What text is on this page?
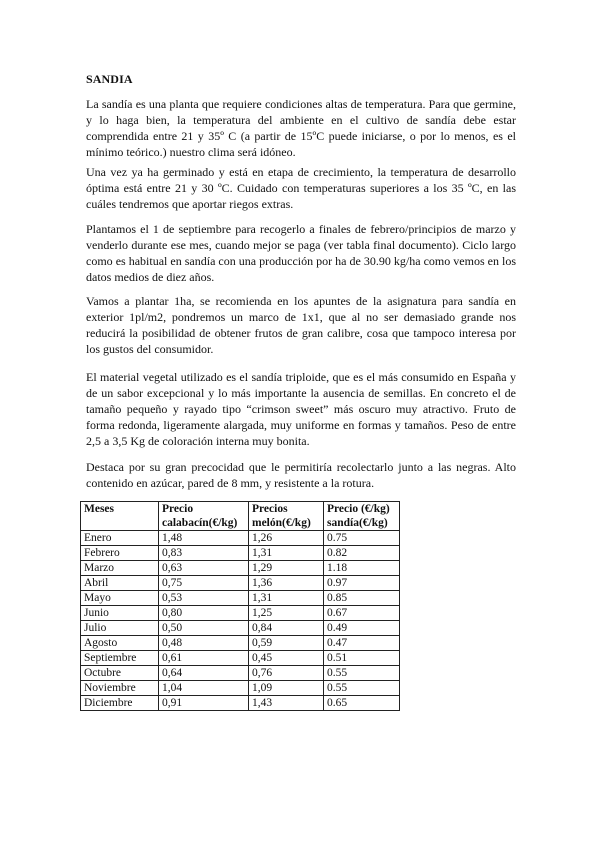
SANDIA

La sandía es una planta que requiere condiciones altas de temperatura. Para que germine, y lo haga bien, la temperatura del ambiente en el cultivo de sandía debe estar comprendida entre 21 y 35º C (a partir de 15ºC puede iniciarse, o por lo menos, es el mínimo teórico.) nuestro clima será idóneo.

Una vez ya ha germinado y está en etapa de crecimiento, la temperatura de desarrollo óptima está entre 21 y 30 ºC. Cuidado con temperaturas superiores a los 35 ºC, en las cuáles tendremos que aportar riegos extras.

Plantamos el 1 de septiembre para recogerlo a finales de febrero/principios de marzo y venderlo durante ese mes, cuando mejor se paga (ver tabla final documento). Ciclo largo como es habitual en sandía con una producción por ha de 30.90 kg/ha como vemos en los datos medios de diez años.

Vamos a plantar 1ha, se recomienda en los apuntes de la asignatura para sandía en exterior 1pl/m2, pondremos un marco de 1x1, que al no ser demasiado grande nos reducirá la posibilidad de obtener frutos de gran calibre, cosa que tampoco interesa por los gustos del consumidor.

El material vegetal utilizado es el sandía triploide, que es el más consumido en España y de un sabor excepcional y lo más importante la ausencia de semillas. En concreto el de tamaño pequeño y rayado tipo “crimson sweet” más oscuro muy atractivo. Fruto de forma redonda, ligeramente alargada, muy uniforme en formas y tamaños. Peso de entre 2,5 a 3,5 Kg de coloración interna muy bonita.

Destaca por su gran precocidad que le permitiría recolectarlo junto a las negras. Alto contenido en azúcar, pared de 8 mm, y resistente a la rotura.

Meses	Precio calabacín(€/kg)	Precios melón(€/kg)	Precio (€/kg) sandía(€/kg)
Enero	1,48	1,26	0.75
Febrero	0,83	1,31	0.82
Marzo	0,63	1,29	1.18
Abril	0,75	1,36	0.97
Mayo	0,53	1,31	0.85
Junio	0,80	1,25	0.67
Julio	0,50	0,84	0.49
Agosto	0,48	0,59	0.47
Septiembre	0,61	0,45	0.51
Octubre	0,64	0,76	0.55
Noviembre	1,04	1,09	0.55
Diciembre	0,91	1,43	0.65
